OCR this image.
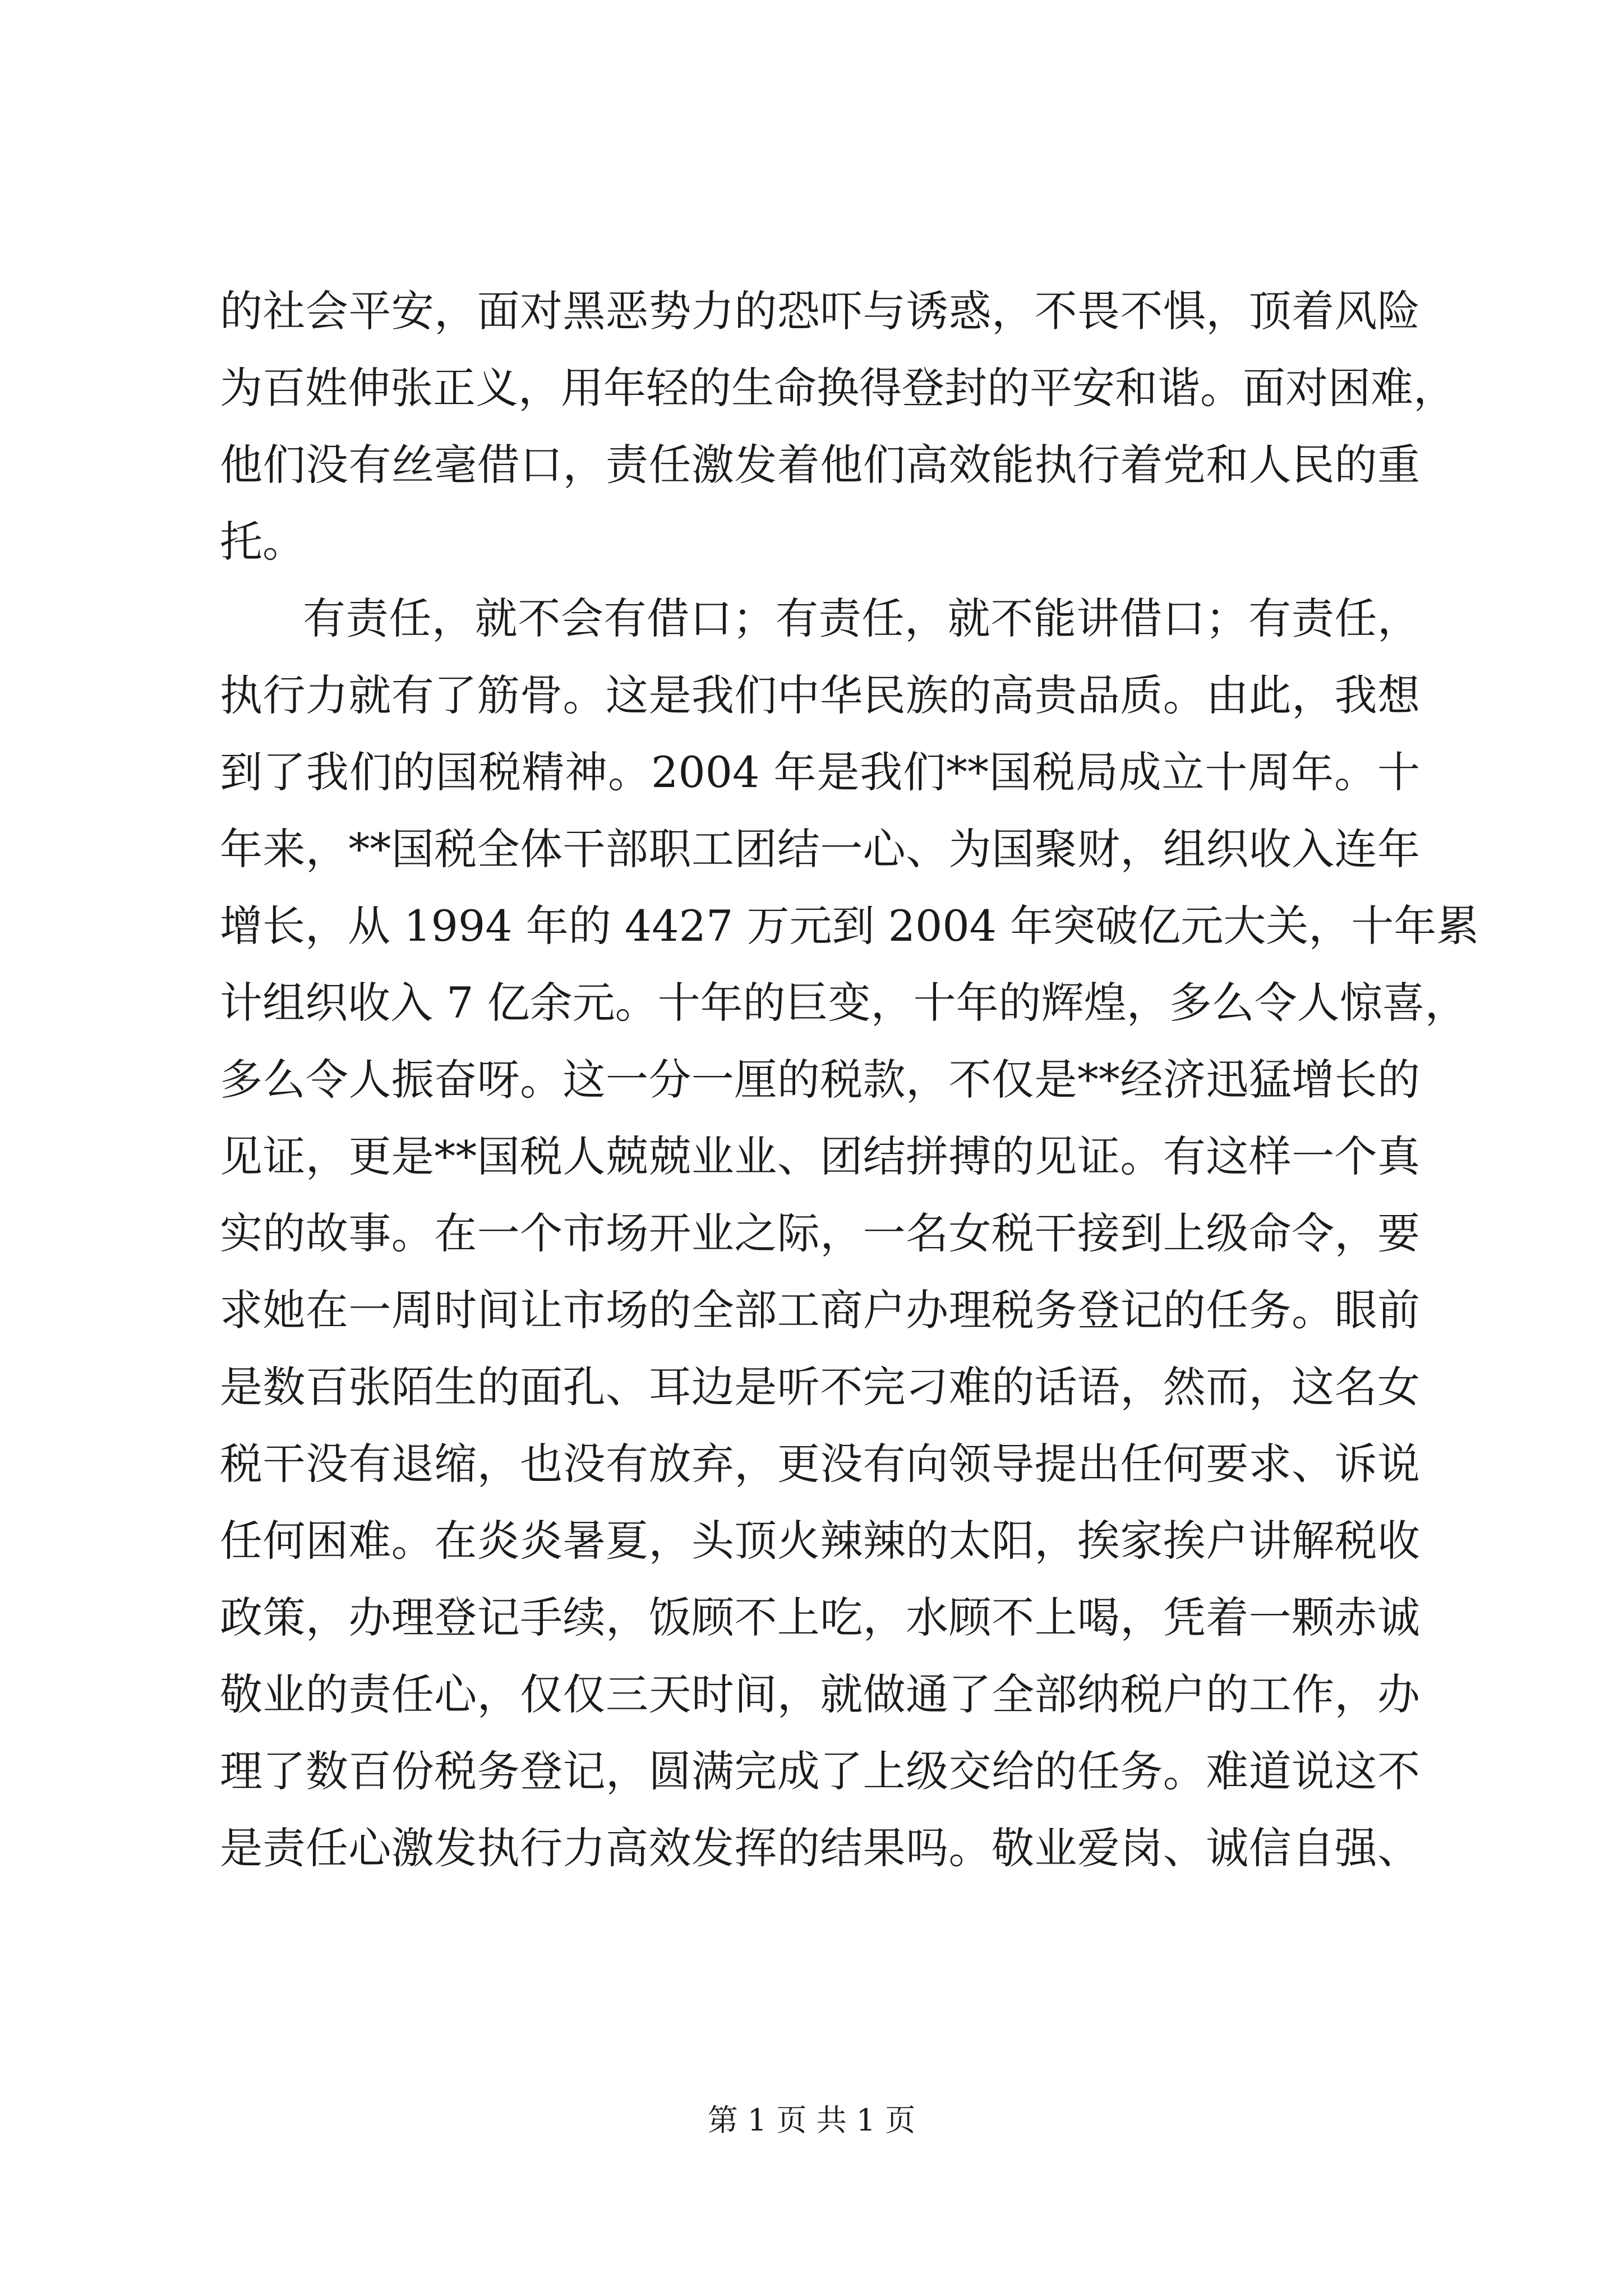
的社会平安，面对黑恶势力的恐吓与诱惑，不畏不惧，顶着风险
为百姓伸张正义，用年轻的生命换得登封的平安和谐。面对困难，
他们没有丝毫借口，责任激发着他们高效能执行着党和人民的重
托。
有责任，就不会有借口；有责任，就不能讲借口；有责任，
执行力就有了筋骨。这是我们中华民族的高贵品质。由此，我想
到了我们的国税精神。2004 年是我们**国税局成立十周年。十
年来，**国税全体干部职工团结一心、为国聚财，组织收入连年
增长，从 1994 年的 4427 万元到 2004 年突破亿元大关，十年累
计组织收入 7 亿余元。十年的巨变，十年的辉煌，多么令人惊喜，
多么令人振奋呀。这一分一厘的税款，不仅是**经济迅猛增长的
见证，更是**国税人兢兢业业、团结拼搏的见证。有这样一个真
实的故事。在一个市场开业之际，一名女税干接到上级命令，要
求她在一周时间让市场的全部工商户办理税务登记的任务。眼前
是数百张陌生的面孔、耳边是听不完刁难的话语，然而，这名女
税干没有退缩，也没有放弃，更没有向领导提出任何要求、诉说
任何困难。在炎炎暑夏，头顶火辣辣的太阳，挨家挨户讲解税收
政策，办理登记手续，饭顾不上吃，水顾不上喝，凭着一颗赤诚
敬业的责任心，仅仅三天时间，就做通了全部纳税户的工作，办
理了数百份税务登记，圆满完成了上级交给的任务。难道说这不
是责任心激发执行力高效发挥的结果吗。敬业爱岗、诚信自强、
第 1 页 共 1 页
